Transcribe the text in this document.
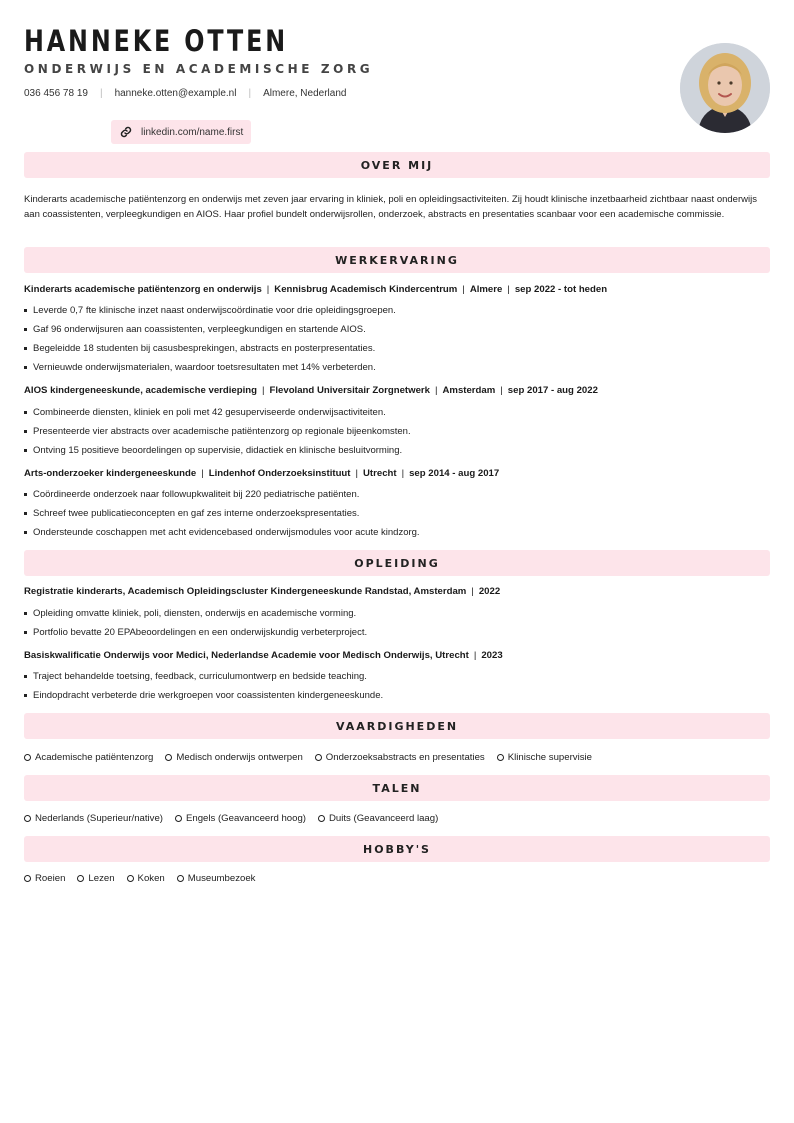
HANNEKE OTTEN
ONDERWIJS EN ACADEMISCHE ZORG
036 456 78 19 | hanneke.otten@example.nl | Almere, Nederland
linkedin.com/name.first
OVER MIJ
Kinderarts academische patiëntenzorg en onderwijs met zeven jaar ervaring in kliniek, poli en opleidingsactiviteiten. Zij houdt klinische inzetbaarheid zichtbaar naast onderwijs aan coassistenten, verpleegkundigen en AIOS. Haar profiel bundelt onderwijsrollen, onderzoek, abstracts en presentaties scanbaar voor een academische commissie.
WERKERVARING
Kinderarts academische patiëntenzorg en onderwijs | Kennisbrug Academisch Kindercentrum | Almere | sep 2022 - tot heden
Leverde 0,7 fte klinische inzet naast onderwijscoördinatie voor drie opleidingsgroepen.
Gaf 96 onderwijsuren aan coassistenten, verpleegkundigen en startende AIOS.
Begeleidde 18 studenten bij casusbesprekingen, abstracts en posterpresentaties.
Vernieuwde onderwijsmaterialen, waardoor toetsresultaten met 14% verbeterden.
AIOS kindergeneeskunde, academische verdieping | Flevoland Universitair Zorgnetwerk | Amsterdam | sep 2017 - aug 2022
Combineerde diensten, kliniek en poli met 42 gesuperviseerde onderwijsactiviteiten.
Presenteerde vier abstracts over academische patiëntenzorg op regionale bijeenkomsten.
Ontving 15 positieve beoordelingen op supervisie, didactiek en klinische besluitvorming.
Arts-onderzoeker kindergeneeskunde | Lindenhof Onderzoeksinstituut | Utrecht | sep 2014 - aug 2017
Coördineerde onderzoek naar followupkwaliteit bij 220 pediatrische patiënten.
Schreef twee publicatieconcepten en gaf zes interne onderzoekspresentaties.
Ondersteunde coschappen met acht evidencebased onderwijsmodules voor acute kindzorg.
OPLEIDING
Registratie kinderarts, Academisch Opleidingscluster Kindergeneeskunde Randstad, Amsterdam | 2022
Opleiding omvatte kliniek, poli, diensten, onderwijs en academische vorming.
Portfolio bevatte 20 EPAbeoordelingen en een onderwijskundig verbeterproject.
Basiskwalificatie Onderwijs voor Medici, Nederlandse Academie voor Medisch Onderwijs, Utrecht | 2023
Traject behandelde toetsing, feedback, curriculumontwerp en bedside teaching.
Eindopdracht verbeterde drie werkgroepen voor coassistenten kindergeneeskunde.
VAARDIGHEDEN
Academische patiëntenzorg Medisch onderwijs ontwerpen Onderzoeksabstracts en presentaties Klinische supervisie
TALEN
Nederlands (Superieur/native) Engels (Geavanceerd hoog) Duits (Geavanceerd laag)
HOBBY'S
Roeien Lezen Koken Museumbezoek
